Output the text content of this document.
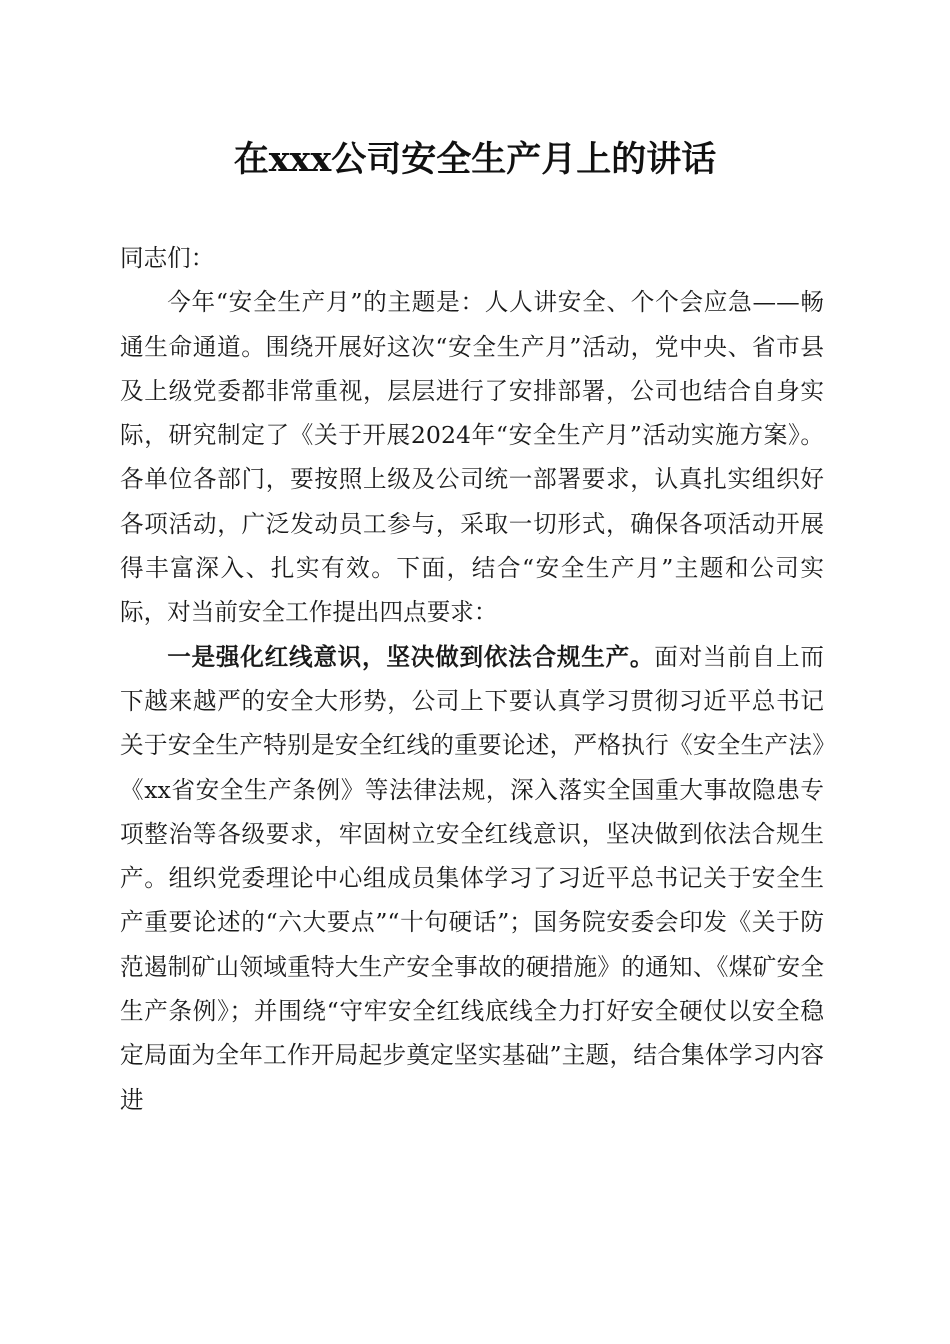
在xxx公司安全生产月上的讲话

同志们：

今年“安全生产月”的主题是：人人讲安全、个个会应急——畅通生命通道。围绕开展好这次“安全生产月”活动，党中央、省市县及上级党委都非常重视，层层进行了安排部署，公司也结合自身实际，研究制定了《关于开展2024年“安全生产月”活动实施方案》。各单位各部门，要按照上级及公司统一部署要求，认真扎实组织好各项活动，广泛发动员工参与，采取一切形式，确保各项活动开展得丰富深入、扎实有效。下面，结合“安全生产月”主题和公司实际，对当前安全工作提出四点要求：

一是强化红线意识，坚决做到依法合规生产。面对当前自上而下越来越严的安全大形势，公司上下要认真学习贯彻习近平总书记关于安全生产特别是安全红线的重要论述，严格执行《安全生产法》《xx省安全生产条例》等法律法规，深入落实全国重大事故隐患专项整治等各级要求，牢固树立安全红线意识，坚决做到依法合规生产。组织党委理论中心组成员集体学习了习近平总书记关于安全生产重要论述的“六大要点”“十句硬话”；国务院安委会印发《关于防范遏制矿山领域重特大生产安全事故的硬措施》的通知、《煤矿安全生产条例》；并围绕“守牢安全红线底线全力打好安全硬仗以安全稳定局面为全年工作开局起步奠定坚实基础”主题，结合集体学习内容进
